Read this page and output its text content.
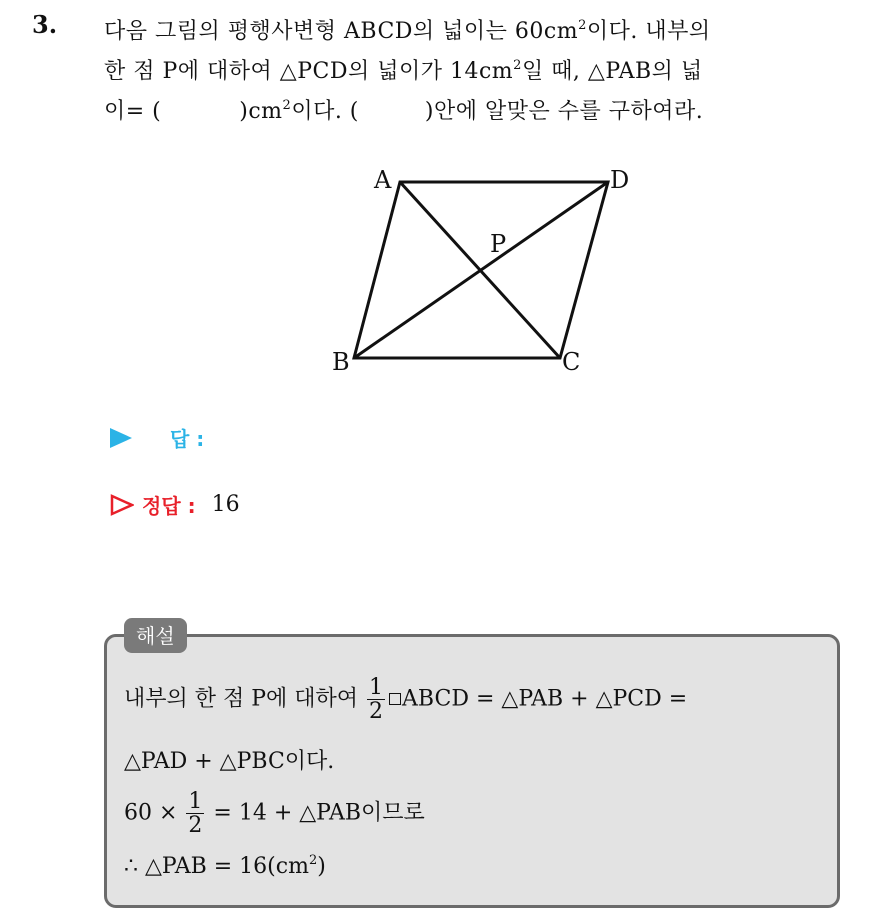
3. 다음 그림의 평행사변형 ABCD의 넓이는 $60cm^2$이다. 내부의
한 점 P에 대하여 △PCD의 넓이가 $14cm^2$일 때, △PAB의 넓
이= (	)$cm^2$이다. (	)안에 알맞은 수를 구하여라.
A	D
P
B	C
답 :
정답 : 16
해설
내부의 한 점 P에 대하여 $\frac{1}{2}$ ABCD = △PAB + △PCD =
△PAD + △PBC이다.
$60 \times \frac{1}{2} = 14$ + △PAB이므로
∴ △PAB = $16(cm^2)$
